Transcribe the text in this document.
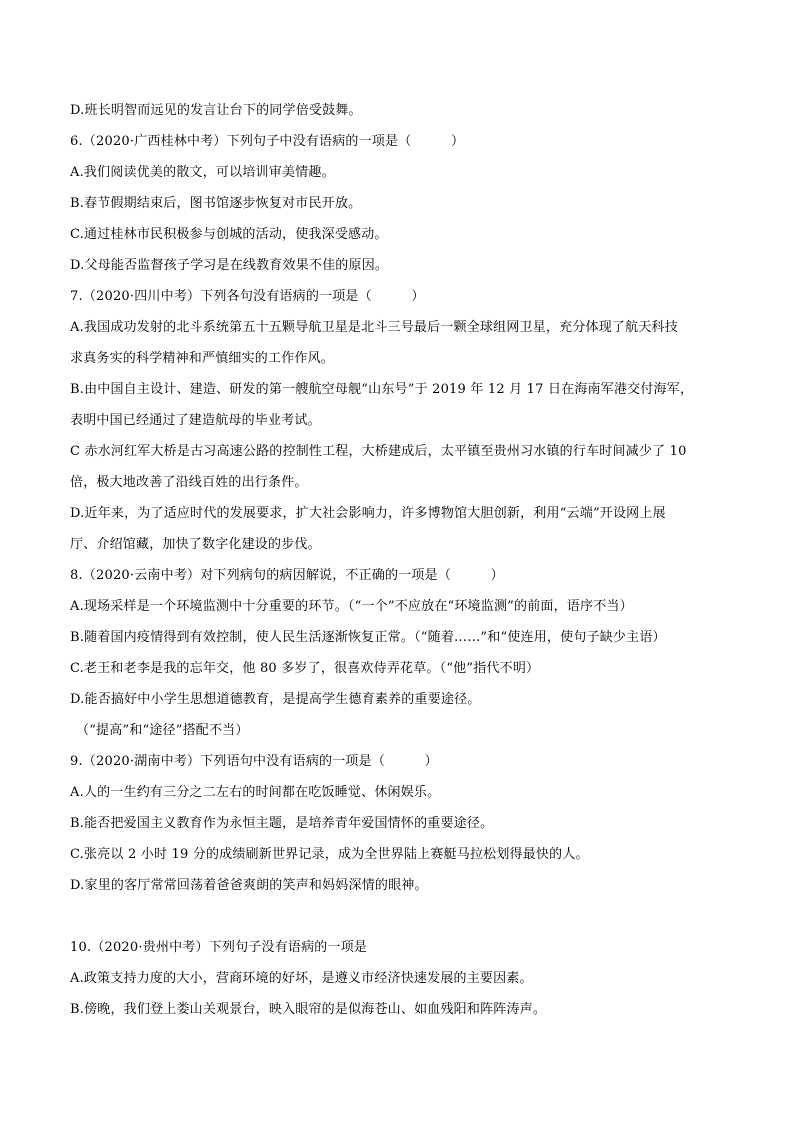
D.班长明智而远见的发言让台下的同学倍受鼓舞。
6.（2020·广西桂林中考）下列句子中没有语病的一项是（　　　）
A.我们阅读优美的散文，可以培训审美情趣。
B.春节假期结束后，图书馆逐步恢复对市民开放。
C.通过桂林市民积极参与创城的活动，使我深受感动。
D.父母能否监督孩子学习是在线教育效果不佳的原因。
7.（2020·四川中考）下列各句没有语病的一项是（　　　）
A.我国成功发射的北斗系统第五十五颗导航卫星是北斗三号最后一颗全球组网卫星，充分体现了航天科技
求真务实的科学精神和严慎细实的工作作风。
B.由中国自主设计、建造、研发的第一艘航空母舰“山东号”于 2019 年 12 月 17 日在海南军港交付海军，
表明中国已经通过了建造航母的毕业考试。
C 赤水河红军大桥是古习高速公路的控制性工程，大桥建成后，太平镇至贵州习水镇的行车时间减少了 10
倍，极大地改善了沿线百姓的出行条件。
D.近年来，为了适应时代的发展要求，扩大社会影响力，许多博物馆大胆创新，利用“云端”开设网上展
厅、介绍馆藏，加快了数字化建设的步伐。
8.（2020·云南中考）对下列病句的病因解说，不正确的一项是（　　　）
A.现场采样是一个环境监测中十分重要的环节。（“一个”不应放在“环境监测”的前面，语序不当）
B.随着国内疫情得到有效控制，使人民生活逐渐恢复正常。（“随着……”和“使连用，使句子缺少主语）
C.老王和老李是我的忘年交，他 80 多岁了，很喜欢侍弄花草。（“他”指代不明）
D.能否搞好中小学生思想道德教育，是提高学生德育素养的重要途径。
（“提高”和“途径”搭配不当）
9.（2020·湖南中考）下列语句中没有语病的一项是（　　　）
A.人的一生约有三分之二左右的时间都在吃饭睡觉、休闲娱乐。
B.能否把爱国主义教育作为永恒主题，是培养青年爱国情怀的重要途径。
C.张亮以 2 小时 19 分的成绩刷新世界记录，成为全世界陆上赛艇马拉松划得最快的人。
D.家里的客厅常常回荡着爸爸爽朗的笑声和妈妈深情的眼神。
10.（2020·贵州中考）下列句子没有语病的一项是
A.政策支持力度的大小，营商环境的好坏，是遵义市经济快速发展的主要因素。
B.傍晚，我们登上娄山关观景台，映入眼帘的是似海苍山、如血残阳和阵阵涛声。
